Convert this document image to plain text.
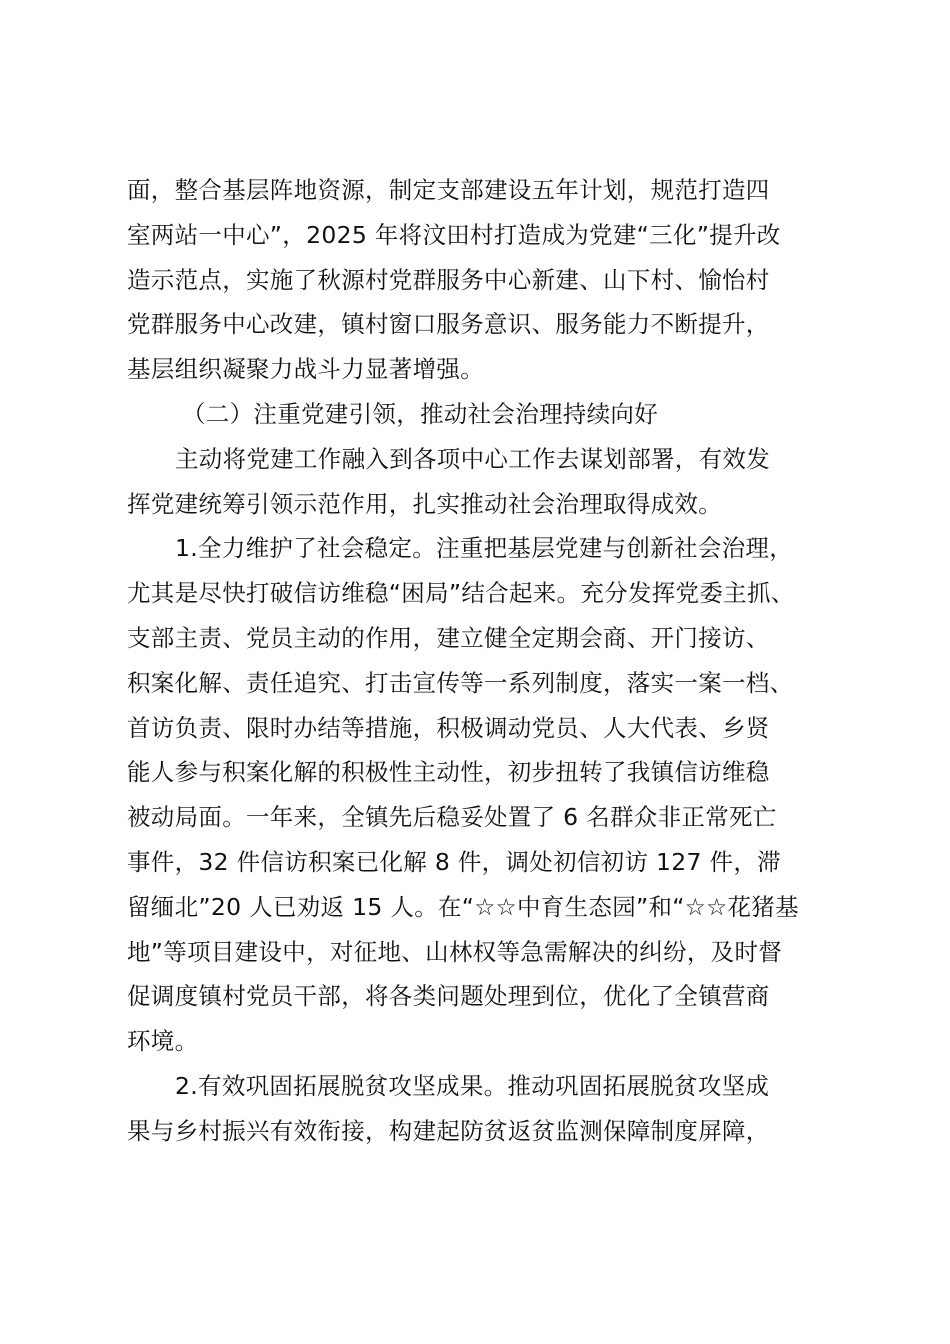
面，整合基层阵地资源，制定支部建设五年计划，规范打造四
室两站一中心”，2025 年将汶田村打造成为党建“三化”提升改
造示范点，实施了秋源村党群服务中心新建、山下村、愉怡村
党群服务中心改建，镇村窗口服务意识、服务能力不断提升，
基层组织凝聚力战斗力显著增强。
（二）注重党建引领，推动社会治理持续向好
主动将党建工作融入到各项中心工作去谋划部署，有效发
挥党建统筹引领示范作用，扎实推动社会治理取得成效。
1.全力维护了社会稳定。注重把基层党建与创新社会治理，
尤其是尽快打破信访维稳“困局”结合起来。充分发挥党委主抓、
支部主责、党员主动的作用，建立健全定期会商、开门接访、
积案化解、责任追究、打击宣传等一系列制度，落实一案一档、
首访负责、限时办结等措施，积极调动党员、人大代表、乡贤
能人参与积案化解的积极性主动性，初步扭转了我镇信访维稳
被动局面。一年来，全镇先后稳妥处置了 6 名群众非正常死亡
事件，32 件信访积案已化解 8 件，调处初信初访 127 件，滞
留缅北”20 人已劝返 15 人。在“☆☆中育生态园”和“☆☆花猪基
地”等项目建设中，对征地、山林权等急需解决的纠纷，及时督
促调度镇村党员干部，将各类问题处理到位，优化了全镇营商
环境。
2.有效巩固拓展脱贫攻坚成果。推动巩固拓展脱贫攻坚成
果与乡村振兴有效衔接，构建起防贫返贫监测保障制度屏障，
